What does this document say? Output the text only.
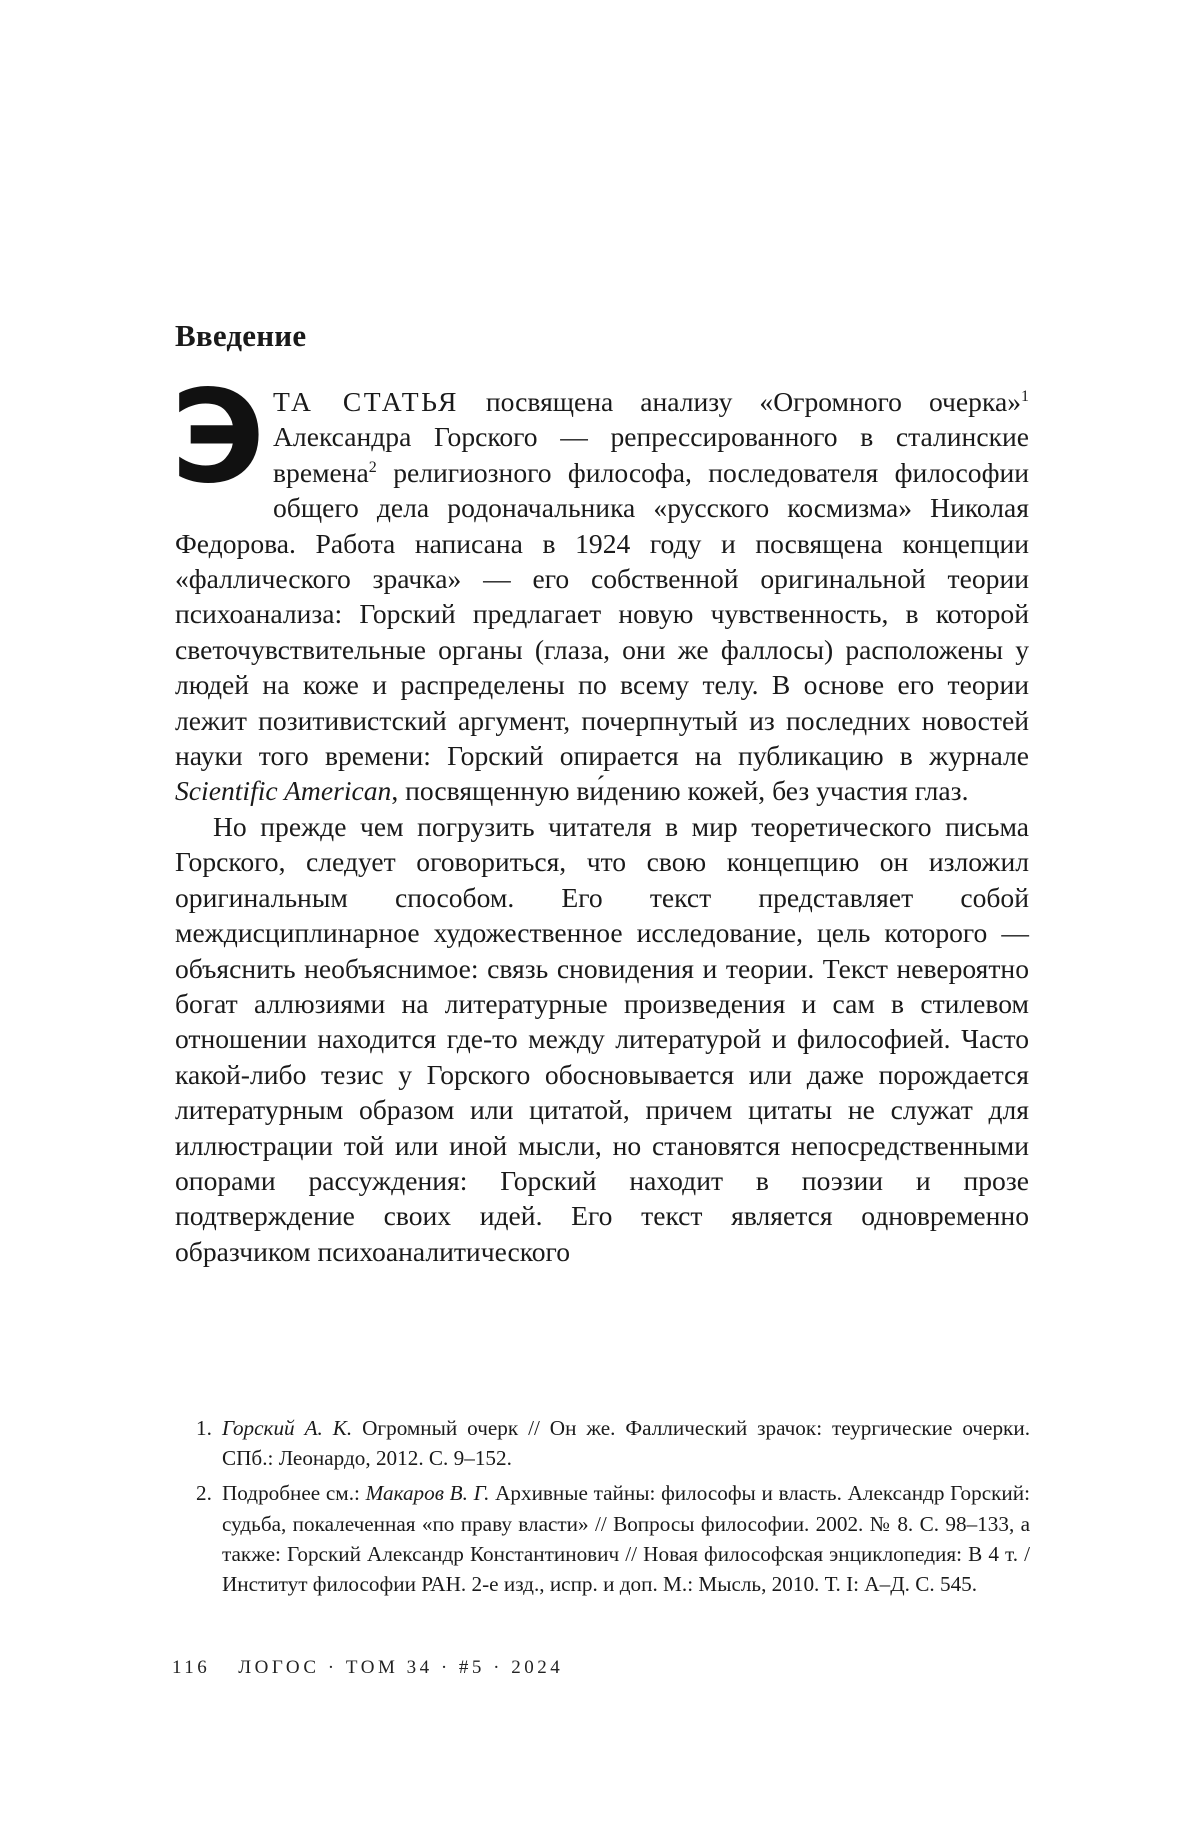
Введение

ЭТА СТАТЬЯ посвящена анализу «Огромного очерка»$^1$ Александра Горского — репрессированного в сталинские времена$^2$ религиозного философа, последователя философии общего дела родоначальника «русского космизма» Николая Федорова. Работа написана в 1924 году и посвящена концепции «фаллического зрачка» — его собственной оригинальной теории психоанализа: Горский предлагает новую чувственность, в которой светочувствительные органы (глаза, они же фаллосы) расположены у людей на коже и распределены по всему телу. В основе его теории лежит позитивистский аргумент, почерпнутый из последних новостей науки того времени: Горский опирается на публикацию в журнале Scientific American, посвященную ви́дению кожей, без участия глаз.

Но прежде чем погрузить читателя в мир теоретического письма Горского, следует оговориться, что свою концепцию он изложил оригинальным способом. Его текст представляет собой междисциплинарное художественное исследование, цель которого — объяснить необъяснимое: связь сновидения и теории. Текст невероятно богат аллюзиями на литературные произведения и сам в стилевом отношении находится где-то между литературой и философией. Часто какой-либо тезис у Горского обосновывается или даже порождается литературным образом или цитатой, причем цитаты не служат для иллюстрации той или иной мысли, но становятся непосредственными опорами рассуждения: Горский находит в поэзии и прозе подтверждение своих идей. Его текст является одновременно образчиком психоаналитического

1. Горский А. К. Огромный очерк // Он же. Фаллический зрачок: теургические очерки. СПб.: Леонардо, 2012. С. 9–152.
2. Подробнее см.: Макаров В. Г. Архивные тайны: философы и власть. Александр Горский: судьба, покалеченная «по праву власти» // Вопросы философии. 2002. № 8. С. 98–133, а также: Горский Александр Константинович // Новая философская энциклопедия: В 4 т. / Институт философии РАН. 2-е изд., испр. и доп. М.: Мысль, 2010. Т. I: А–Д. С. 545.
116 ЛОГОС · ТОМ 34 · #5 · 2024
